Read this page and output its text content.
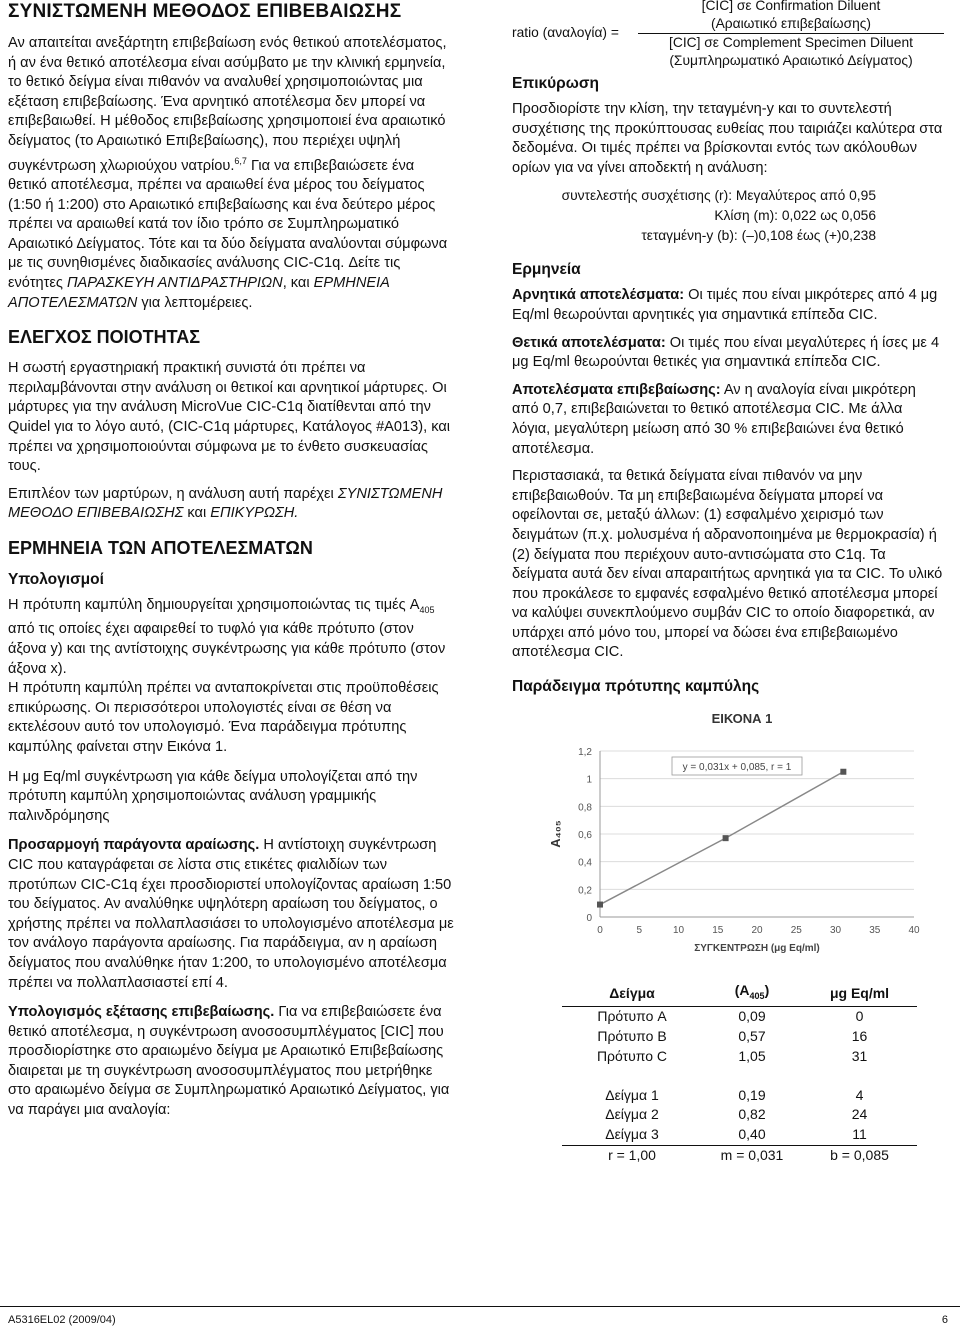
ΣΥΝΙΣΤΩΜΕΝΗ ΜΕΘΟΔΟΣ ΕΠΙΒΕΒΑΙΩΣΗΣ

Αν απαιτείται ανεξάρτητη επιβεβαίωση ενός θετικού αποτελέσματος, ή αν ένα θετικό αποτέλεσμα είναι ασύμβατο με την κλινική ερμηνεία, το θετικό δείγμα είναι πιθανόν να αναλυθεί χρησιμοποιώντας μια εξέταση επιβεβαίωσης. Ένα αρνητικό αποτέλεσμα δεν μπορεί να επιβεβαιωθεί. Η μέθοδος επιβεβαίωσης χρησιμοποιεί ένα αραιωτικό δείγματος (το Αραιωτικό Επιβεβαίωσης), που περιέχει υψηλή συγκέντρωση χλωριούχου νατρίου.$^{6,7}$ Για να επιβεβαιώσετε ένα θετικό αποτέλεσμα, πρέπει να αραιωθεί ένα μέρος του δείγματος (1:50 ή 1:200) στο Αραιωτικό επιβεβαίωσης και ένα δεύτερο μέρος πρέπει να αραιωθεί κατά τον ίδιο τρόπο σε Συμπληρωματικό Αραιωτικό Δείγματος. Τότε και τα δύο δείγματα αναλύονται σύμφωνα με τις συνηθισμένες διαδικασίες ανάλυσης CIC-C1q. Δείτε τις ενότητες ΠΑΡΑΣΚΕΥΗ ΑΝΤΙΔΡΑΣΤΗΡΙΩΝ, και ΕΡΜΗΝΕΙΑ ΑΠΟΤΕΛΕΣΜΑΤΩΝ για λεπτομέρειες.

ΕΛΕΓΧΟΣ ΠΟΙΟΤΗΤΑΣ

Η σωστή εργαστηριακή πρακτική συνιστά ότι πρέπει να περιλαμβάνονται στην ανάλυση οι θετικοί και αρνητικοί μάρτυρες. Οι μάρτυρες για την ανάλυση MicroVue CIC-C1q διατίθενται από την Quidel για το λόγο αυτό, (CIC-C1q μάρτυρες, Κατάλογος #A013), και πρέπει να χρησιμοποιούνται σύμφωνα με το ένθετο συσκευασίας τους.

Επιπλέον των μαρτύρων, η ανάλυση αυτή παρέχει ΣΥΝΙΣΤΩΜΕΝΗ ΜΕΘΟΔΟ ΕΠΙΒΕΒΑΙΩΣΗΣ και ΕΠΙΚΥΡΩΣΗ.

ΕΡΜΗΝΕΙΑ ΤΩΝ ΑΠΟΤΕΛΕΣΜΑΤΩΝ
Υπολογισμοί

Η πρότυπη καμπύλη δημιουργείται χρησιμοποιώντας τις τιμές $A_{405}$ από τις οποίες έχει αφαιρεθεί το τυφλό για κάθε πρότυπο (στον άξονα y) και της αντίστοιχης συγκέντρωσης για κάθε πρότυπο (στον άξονα x).

Η πρότυπη καμπύλη πρέπει να ανταποκρίνεται στις προϋποθέσεις επικύρωσης. Οι περισσότεροι υπολογιστές είναι σε θέση να εκτελέσουν αυτό τον υπολογισμό. Ένα παράδειγμα πρότυπης καμπύλης φαίνεται στην Εικόνα 1.

Η μg Eq/ml συγκέντρωση για κάθε δείγμα υπολογίζεται από την πρότυπη καμπύλη χρησιμοποιώντας ανάλυση γραμμικής παλινδρόμησης

Προσαρμογή παράγοντα αραίωσης. Η αντίστοιχη συγκέντρωση CIC που καταγράφεται σε λίστα στις ετικέτες φιαλιδίων των προτύπων CIC-C1q έχει προσδιοριστεί υπολογίζοντας αραίωση 1:50 του δείγματος. Αν αναλύθηκε υψηλότερη αραίωση του δείγματος, ο χρήστης πρέπει να πολλαπλασιάσει το υπολογισμένο αποτέλεσμα με τον ανάλογο παράγοντα αραίωσης. Για παράδειγμα, αν η αραίωση δείγματος που αναλύθηκε ήταν 1:200, το υπολογισμένο αποτέλεσμα πρέπει να πολλαπλασιαστεί επί 4.

Υπολογισμός εξέτασης επιβεβαίωσης. Για να επιβεβαιώσετε ένα θετικό αποτέλεσμα, η συγκέντρωση ανοσοσυμπλέγματος [CIC] που προσδιορίστηκε στο αραιωμένο δείγμα με Αραιωτικό Επιβεβαίωσης διαιρεται με τη συγκέντρωση ανοσοσυμπλέγματος που μετρήθηκε στο αραιωμένο δείγμα σε Συμπληρωματικό Αραιωτικό Δείγματος, για να παράγει μια αναλογία:

ratio (αναλογία) =
[CIC] σε Confirmation Diluent
(Αραιωτικό επιβεβαίωσης)
[CIC] σε Complement Specimen Diluent
(Συμπληρωματικό Αραιωτικό Δείγματος)
Επικύρωση

Προσδιορίστε την κλίση, την τεταγμένη-y και το συντελεστή συσχέτισης της προκύπτουσας ευθείας που ταιριάζει καλύτερα στα δεδομένα. Οι τιμές πρέπει να βρίσκονται εντός των ακόλουθων ορίων για να γίνει αποδεκτή η ανάλυση:

συντελεστής συσχέτισης (r): Μεγαλύτερος από 0,95
Κλίση (m): 0,022 ως 0,056
τεταγμένη-y (b): (–)0,108 έως (+)0,238
Ερμηνεία

Αρνητικά αποτελέσματα: Οι τιμές που είναι μικρότερες από 4 μg Eq/ml θεωρούνται αρνητικές για σημαντικά επίπεδα CIC.

Θετικά αποτελέσματα: Οι τιμές που είναι μεγαλύτερες ή ίσες με 4 μg Eq/ml θεωρούνται θετικές για σημαντικά επίπεδα CIC.

Αποτελέσματα επιβεβαίωσης: Αν η αναλογία είναι μικρότερη από 0,7, επιβεβαιώνεται το θετικό αποτέλεσμα CIC. Με άλλα λόγια, μεγαλύτερη μείωση από 30 % επιβεβαιώνει ένα θετικό αποτέλεσμα.

Περιστασιακά, τα θετικά δείγματα είναι πιθανόν να μην επιβεβαιωθούν. Τα μη επιβεβαιωμένα δείγματα μπορεί να οφείλονται σε, μεταξύ άλλων: (1) εσφαλμένο χειρισμό των δειγμάτων (π.χ. μολυσμένα ή αδρανοποιημένα με θερμοκρασία) ή (2) δείγματα που περιέχουν αυτο-αντισώματα στο C1q. Τα δείγματα αυτά δεν είναι απαραιτήτως αρνητικά για τα CIC. Το υλικό που προκάλεσε το εμφανές εσφαλμένο θετικό αποτέλεσμα μπορεί να καλύψει συνεκπλούμενο συμβάν CIC το οποίο διαφορετικά, αν υπάρχει από μόνο του, μπορεί να δώσει ένα επιβεβαιωμένο αποτέλεσμα CIC.

Παράδειγμα πρότυπης καμπύλης
ΕΙΚΟΝΑ 1
0
0,2
0,4
0,6
0,8
1
1,2
0	5	10	15	20	25	30	35	40
ΣΥΓΚΕΝΤΡΩΣΗ (μg Eq/ml)
A₄₀₅
y = 0,031x + 0,085, r = 1
Δείγμα	$(A_{405})$	μg Eq/ml
Πρότυπο A	0,09	0
Πρότυπο B	0,57	16
Πρότυπο C	1,05	31

Δείγμα 1	0,19	4
Δείγμα 2	0,82	24
Δείγμα 3	0,40	11
r = 1,00	m = 0,031	b = 0,085
A5316EL02 (2009/04)	6
